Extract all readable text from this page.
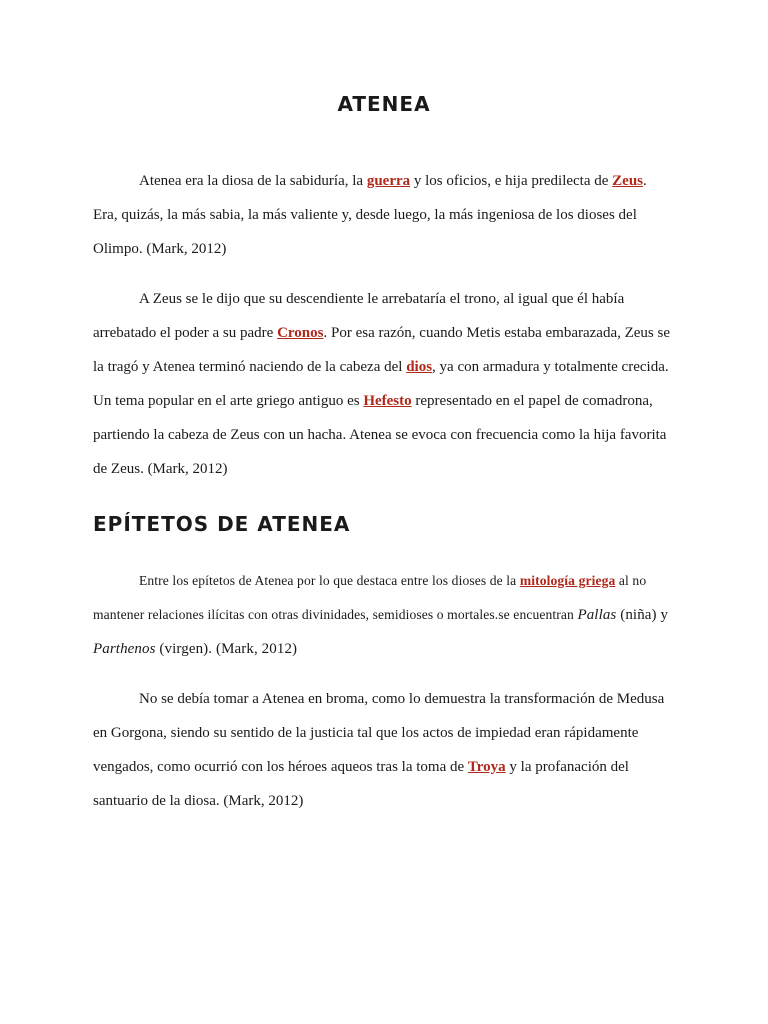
ATENEA

Atenea era la diosa de la sabiduría, la guerra y los oficios, e hija predilecta de Zeus. Era, quizás, la más sabia, la más valiente y, desde luego, la más ingeniosa de los dioses del Olimpo. (Mark, 2012)

A Zeus se le dijo que su descendiente le arrebataría el trono, al igual que él había arrebatado el poder a su padre Cronos. Por esa razón, cuando Metis estaba embarazada, Zeus se la tragó y Atenea terminó naciendo de la cabeza del dios, ya con armadura y totalmente crecida. Un tema popular en el arte griego antiguo es Hefesto representado en el papel de comadrona, partiendo la cabeza de Zeus con un hacha. Atenea se evoca con frecuencia como la hija favorita de Zeus. (Mark, 2012)

EPÍTETOS DE ATENEA

Entre los epítetos de Atenea por lo que destaca entre los dioses de la mitología griega al no mantener relaciones ilícitas con otras divinidades, semidioses o mortales.se encuentran Pallas (niña) y Parthenos (virgen). (Mark, 2012)

No se debía tomar a Atenea en broma, como lo demuestra la transformación de Medusa en Gorgona, siendo su sentido de la justicia tal que los actos de impiedad eran rápidamente vengados, como ocurrió con los héroes aqueos tras la toma de Troya y la profanación del santuario de la diosa. (Mark, 2012)
